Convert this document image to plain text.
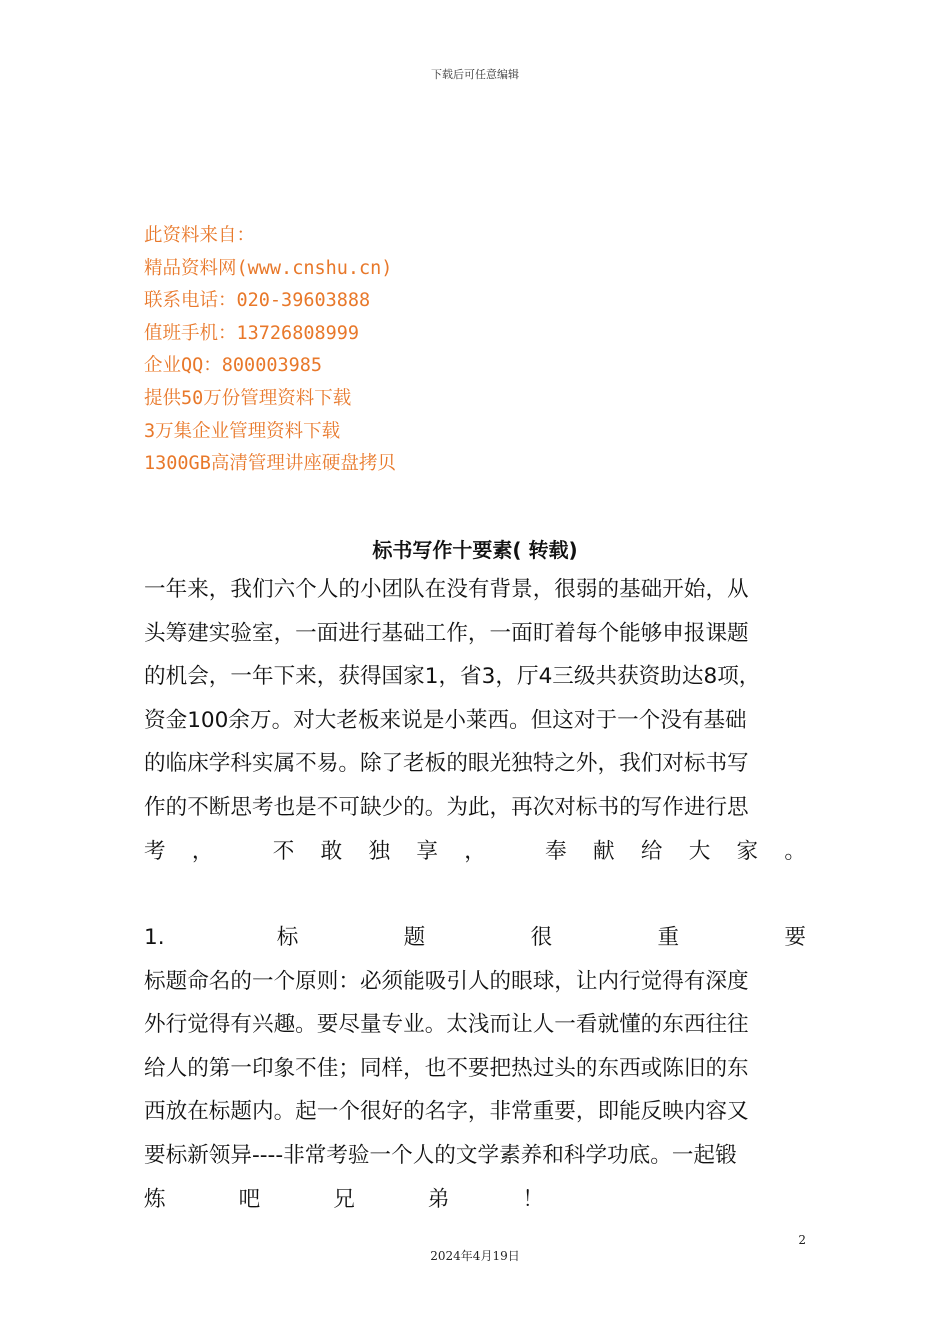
下载后可任意编辑
此资料来自：
精品资料网(www.cnshu.cn)
联系电话：020-39603888
值班手机：13726808999
企业QQ：800003985
提供50万份管理资料下载
3万集企业管理资料下载
1300GB高清管理讲座硬盘拷贝
标书写作十要素( 转载)
一年来，我们六个人的小团队在没有背景，很弱的基础开始，从
头筹建实验室，一面进行基础工作，一面盯着每个能够申报课题
的机会，一年下来，获得国家1，省3，厅4三级共获资助达8项，
资金100余万。对大老板来说是小莱西。但这对于一个没有基础
的临床学科实属不易。除了老板的眼光独特之外，我们对标书写
作的不断思考也是不可缺少的。为此，再次对标书的写作进行思
考， 不敢独享， 奉献给大家。
1. 标题很重要
标题命名的一个原则：必须能吸引人的眼球，让内行觉得有深度
外行觉得有兴趣。要尽量专业。太浅而让人一看就懂的东西往往
给人的第一印象不佳；同样，也不要把热过头的东西或陈旧的东
西放在标题内。起一个很好的名字，非常重要，即能反映内容又
要标新领异----非常考验一个人的文学素养和科学功底。一起锻
炼吧兄弟！
2
2024年4月19日
